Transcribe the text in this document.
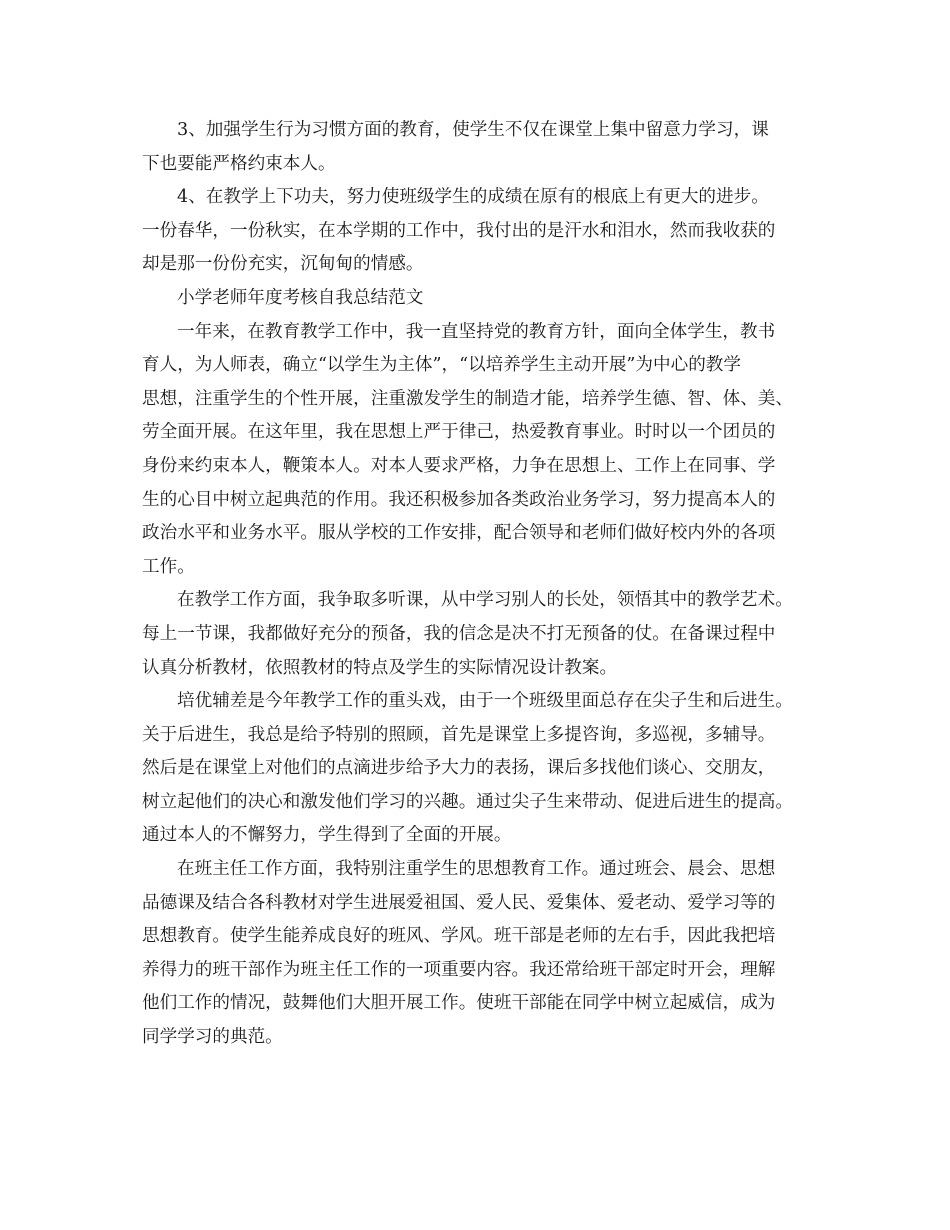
3、加强学生行为习惯方面的教育，使学生不仅在课堂上集中留意力学习，课
下也要能严格约束本人。
4、在教学上下功夫，努力使班级学生的成绩在原有的根底上有更大的进步。
一份春华，一份秋实，在本学期的工作中，我付出的是汗水和泪水，然而我收获的
却是那一份份充实，沉甸甸的情感。
小学老师年度考核自我总结范文
一年来，在教育教学工作中，我一直坚持党的教育方针，面向全体学生，教书
育人，为人师表，确立“以学生为主体”，“以培养学生主动开展”为中心的教学
思想，注重学生的个性开展，注重激发学生的制造才能，培养学生德、智、体、美、
劳全面开展。在这年里，我在思想上严于律己，热爱教育事业。时时以一个团员的
身份来约束本人，鞭策本人。对本人要求严格，力争在思想上、工作上在同事、学
生的心目中树立起典范的作用。我还积极参加各类政治业务学习，努力提高本人的
政治水平和业务水平。服从学校的工作安排，配合领导和老师们做好校内外的各项
工作。
在教学工作方面，我争取多听课，从中学习别人的长处，领悟其中的教学艺术。
每上一节课，我都做好充分的预备，我的信念是决不打无预备的仗。在备课过程中
认真分析教材，依照教材的特点及学生的实际情况设计教案。
培优辅差是今年教学工作的重头戏，由于一个班级里面总存在尖子生和后进生。
关于后进生，我总是给予特别的照顾，首先是课堂上多提咨询，多巡视，多辅导。
然后是在课堂上对他们的点滴进步给予大力的表扬，课后多找他们谈心、交朋友，
树立起他们的决心和激发他们学习的兴趣。通过尖子生来带动、促进后进生的提高。
通过本人的不懈努力，学生得到了全面的开展。
在班主任工作方面，我特别注重学生的思想教育工作。通过班会、晨会、思想
品德课及结合各科教材对学生进展爱祖国、爱人民、爱集体、爱老动、爱学习等的
思想教育。使学生能养成良好的班风、学风。班干部是老师的左右手，因此我把培
养得力的班干部作为班主任工作的一项重要内容。我还常给班干部定时开会，理解
他们工作的情况，鼓舞他们大胆开展工作。使班干部能在同学中树立起威信，成为
同学学习的典范。
